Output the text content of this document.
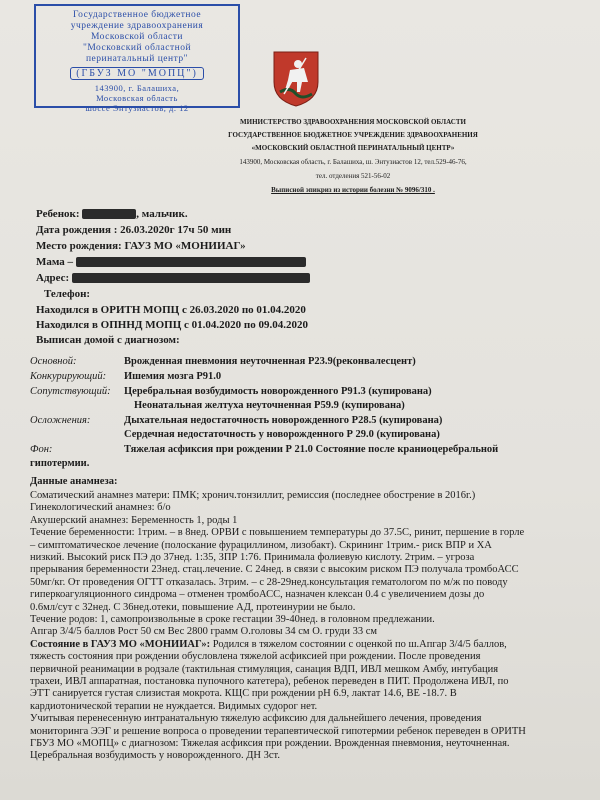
Государственное бюджетное
учреждение здравоохранения
Московской области
"Московский областной
перинатальный центр"
(ГБУЗ МО "МОПЦ")
143900, г. Балашиха,
Московская область
шоссе Энтузиастов, д. 12
МИНИСТЕРСТВО ЗДРАВООХРАНЕНИЯ МОСКОВСКОЙ ОБЛАСТИ
ГОСУДАРСТВЕННОЕ БЮДЖЕТНОЕ УЧРЕЖДЕНИЕ ЗДРАВООХРАНЕНИЯ
«МОСКОВСКИЙ ОБЛАСТНОЙ ПЕРИНАТАЛЬНЫЙ ЦЕНТР»
143900, Московская область, г. Балашиха, ш. Энтузиастов 12, тел.529-46-76,
тел. отделения 521-56-02
Выписной эпикриз из истории болезни № 9096/310 .
Ребенок:	, мальчик.
Дата рождения : 26.03.2020г 17ч 50 мин
Место рождения: ГАУЗ МО «МОНИИАГ»
Мама –
Адрес:
Телефон:
Находился в ОРИТН МОПЦ с 26.03.2020 по 01.04.2020
Находился в ОПННД МОПЦ с 01.04.2020 по 09.04.2020
Выписан домой с диагнозом:
Основной:	Врожденная пневмония неуточненная Р23.9(реконвалесцент)
Конкурирующий: Ишемия мозга Р91.0
Сопутствующий: Церебральная возбудимость новорожденного Р91.3 (купирована)
Неонатальная желтуха неуточненная Р59.9 (купирована)
Осложнения:	Дыхательная недостаточность новорожденного Р28.5 (купирована)
Сердечная недостаточность у новорожденного Р 29.0 (купирована)
Фон:	Тяжелая асфиксия при рождении Р 21.0 Состояние после краниоцеребральной
гипотермии.
Данные анамнеза:
Соматический анамнез матери: ПМК; хронич.тонзиллит, ремиссия (последнее обострение в 2016г.)
Гинекологический анамнез: б/о
Акушерский анамнез: Беременность 1, роды 1
Течение беременности: 1трим. – в 8нед. ОРВИ с повышением температуры до 37.5С, ринит, першение в горле
– симптоматическое лечение (полоскание фурациллином, лизобакт). Скрининг 1трим.- риск ВПР и ХА
низкий. Высокий риск ПЭ до 37нед. 1:35, ЗПР 1:76. Принимала фолиевую кислоту. 2трим. – угроза
прерывания беременности 23нед. стац.лечение. С 24нед. в связи с высоким риском ПЭ получала тромбоАСС
50мг/кг. От проведения ОГТТ отказалась. 3трим. – с 28-29нед.консультация гематологом по м/ж по поводу
гиперкоагуляционного синдрома – отменен тромбоАСС, назначен клексан 0.4 с увеличением дозы до
0.6мл/сут с 32нед. С 36нед.отеки, повышение АД, протеинурии не было.
Течение родов: 1, самопроизвольные в сроке гестации 39-40нед. в головном предлежании.
Апгар 3/4/5 баллов Рост 50 см Вес 2800 грамм О.головы 34 см О. груди 33 см
Состояние в ГАУЗ МО «МОНИИАГ»: Родился в тяжелом состоянии с оценкой по ш.Апгар 3/4/5 баллов,
тяжесть состояния при рождении обусловлена тяжелой асфиксией при рождении. После проведения
первичной реанимации в родзале (тактильная стимуляция, санация ВДП, ИВЛ мешком Амбу, интубация
трахеи, ИВЛ аппаратная, постановка пупочного катетера), ребенок переведен в ПИТ. Продолжена ИВЛ, по
ЭТТ санируется густая слизистая мокрота. КЩС при рождении рН 6.9, лактат 14.6, ВЕ -18.7. В
кардиотонической терапии не нуждается. Видимых судорог нет.
Учитывая перенесенную интранатальную тяжелую асфиксию для дальнейшего лечения, проведения
мониторинга ЭЭГ и решение вопроса о проведении терапевтической гипотермии ребенок переведен в ОРИТН
ГБУЗ МО «МОПЦ» с диагнозом: Тяжелая асфиксия при рождении. Врожденная пневмония, неуточненная.
Церебральная возбудимость у новорожденного. ДН 3ст.
